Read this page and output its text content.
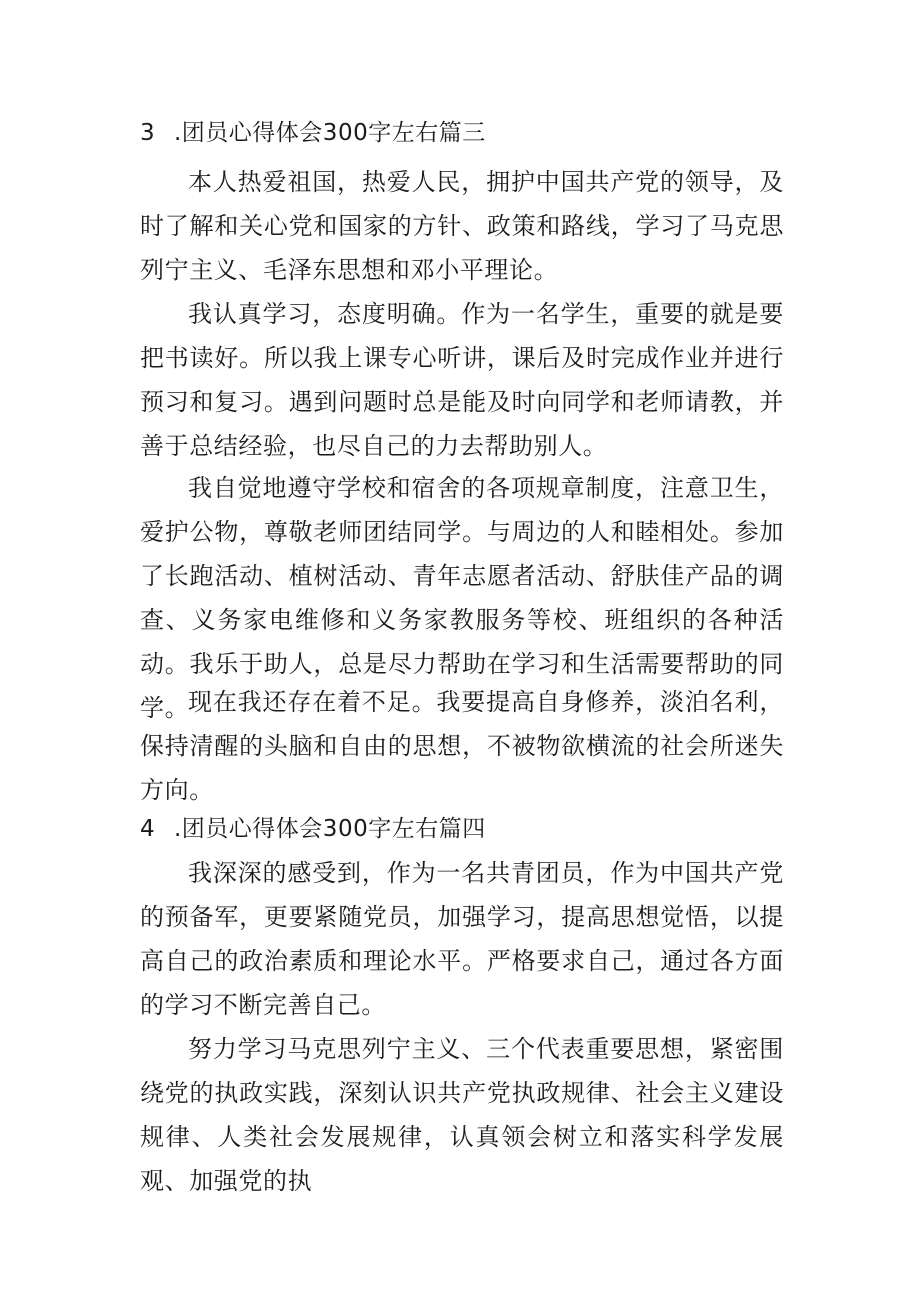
3 .团员心得体会300字左右篇三

本人热爱祖国，热爱人民，拥护中国共产党的领导，及时了解和关心党和国家的方针、政策和路线，学习了马克思列宁主义、毛泽东思想和邓小平理论。

我认真学习，态度明确。作为一名学生，重要的就是要把书读好。所以我上课专心听讲，课后及时完成作业并进行预习和复习。遇到问题时总是能及时向同学和老师请教，并善于总结经验，也尽自己的力去帮助别人。

我自觉地遵守学校和宿舍的各项规章制度，注意卫生，爱护公物，尊敬老师团结同学。与周边的人和睦相处。参加了长跑活动、植树活动、青年志愿者活动、舒肤佳产品的调查、义务家电维修和义务家教服务等校、班组织的各种活动。我乐于助人，总是尽力帮助在学习和生活需要帮助的同学。

现在我还存在着不足。我要提高自身修养，淡泊名利，保持清醒的头脑和自由的思想，不被物欲横流的社会所迷失方向。

4 .团员心得体会300字左右篇四

我深深的感受到，作为一名共青团员，作为中国共产党的预备军，更要紧随党员，加强学习，提高思想觉悟，以提高自己的政治素质和理论水平。严格要求自己，通过各方面的学习不断完善自己。

努力学习马克思列宁主义、三个代表重要思想，紧密围绕党的执政实践，深刻认识共产党执政规律、社会主义建设规律、人类社会发展规律，认真领会树立和落实科学发展观、加强党的执
